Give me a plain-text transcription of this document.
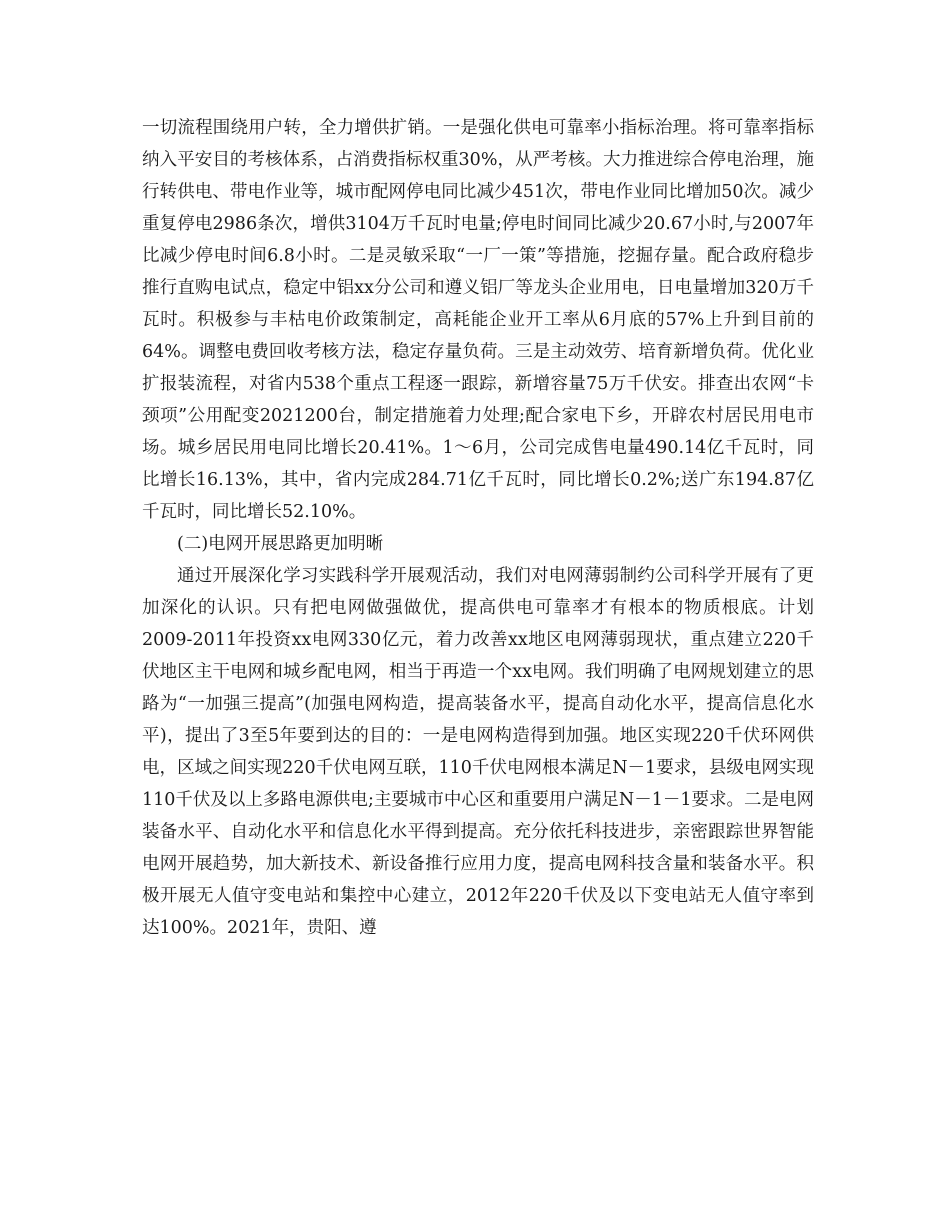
一切流程围绕用户转，全力增供扩销。一是强化供电可靠率小指标治理。将可靠率指标纳入平安目的考核体系，占消费指标权重30%，从严考核。大力推进综合停电治理，施行转供电、带电作业等，城市配网停电同比减少451次，带电作业同比增加50次。减少重复停电2986条次，增供3104万千瓦时电量;停电时间同比减少20.67小时,与2007年比减少停电时间6.8小时。二是灵敏采取“一厂一策”等措施，挖掘存量。配合政府稳步推行直购电试点，稳定中铝xx分公司和遵义铝厂等龙头企业用电，日电量增加320万千瓦时。积极参与丰枯电价政策制定，高耗能企业开工率从6月底的57%上升到目前的64%。调整电费回收考核方法，稳定存量负荷。三是主动效劳、培育新增负荷。优化业扩报装流程，对省内538个重点工程逐一跟踪，新增容量75万千伏安。排查出农网“卡颈项”公用配变2021200台，制定措施着力处理;配合家电下乡，开辟农村居民用电市场。城乡居民用电同比增长20.41%。1～6月，公司完成售电量490.14亿千瓦时，同比增长16.13%，其中，省内完成284.71亿千瓦时，同比增长0.2%;送广东194.87亿千瓦时，同比增长52.10%。

(二)电网开展思路更加明晰

通过开展深化学习实践科学开展观活动，我们对电网薄弱制约公司科学开展有了更加深化的认识。只有把电网做强做优，提高供电可靠率才有根本的物质根底。计划2009-2011年投资xx电网330亿元，着力改善xx地区电网薄弱现状，重点建立220千伏地区主干电网和城乡配电网，相当于再造一个xx电网。我们明确了电网规划建立的思路为“一加强三提高”(加强电网构造，提高装备水平，提高自动化水平，提高信息化水平)，提出了3至5年要到达的目的：一是电网构造得到加强。地区实现220千伏环网供电，区域之间实现220千伏电网互联，110千伏电网根本满足N－1要求，县级电网实现110千伏及以上多路电源供电;主要城市中心区和重要用户满足N－1－1要求。二是电网装备水平、自动化水平和信息化水平得到提高。充分依托科技进步，亲密跟踪世界智能电网开展趋势，加大新技术、新设备推行应用力度，提高电网科技含量和装备水平。积极开展无人值守变电站和集控中心建立，2012年220千伏及以下变电站无人值守率到达100%。2021年，贵阳、遵
